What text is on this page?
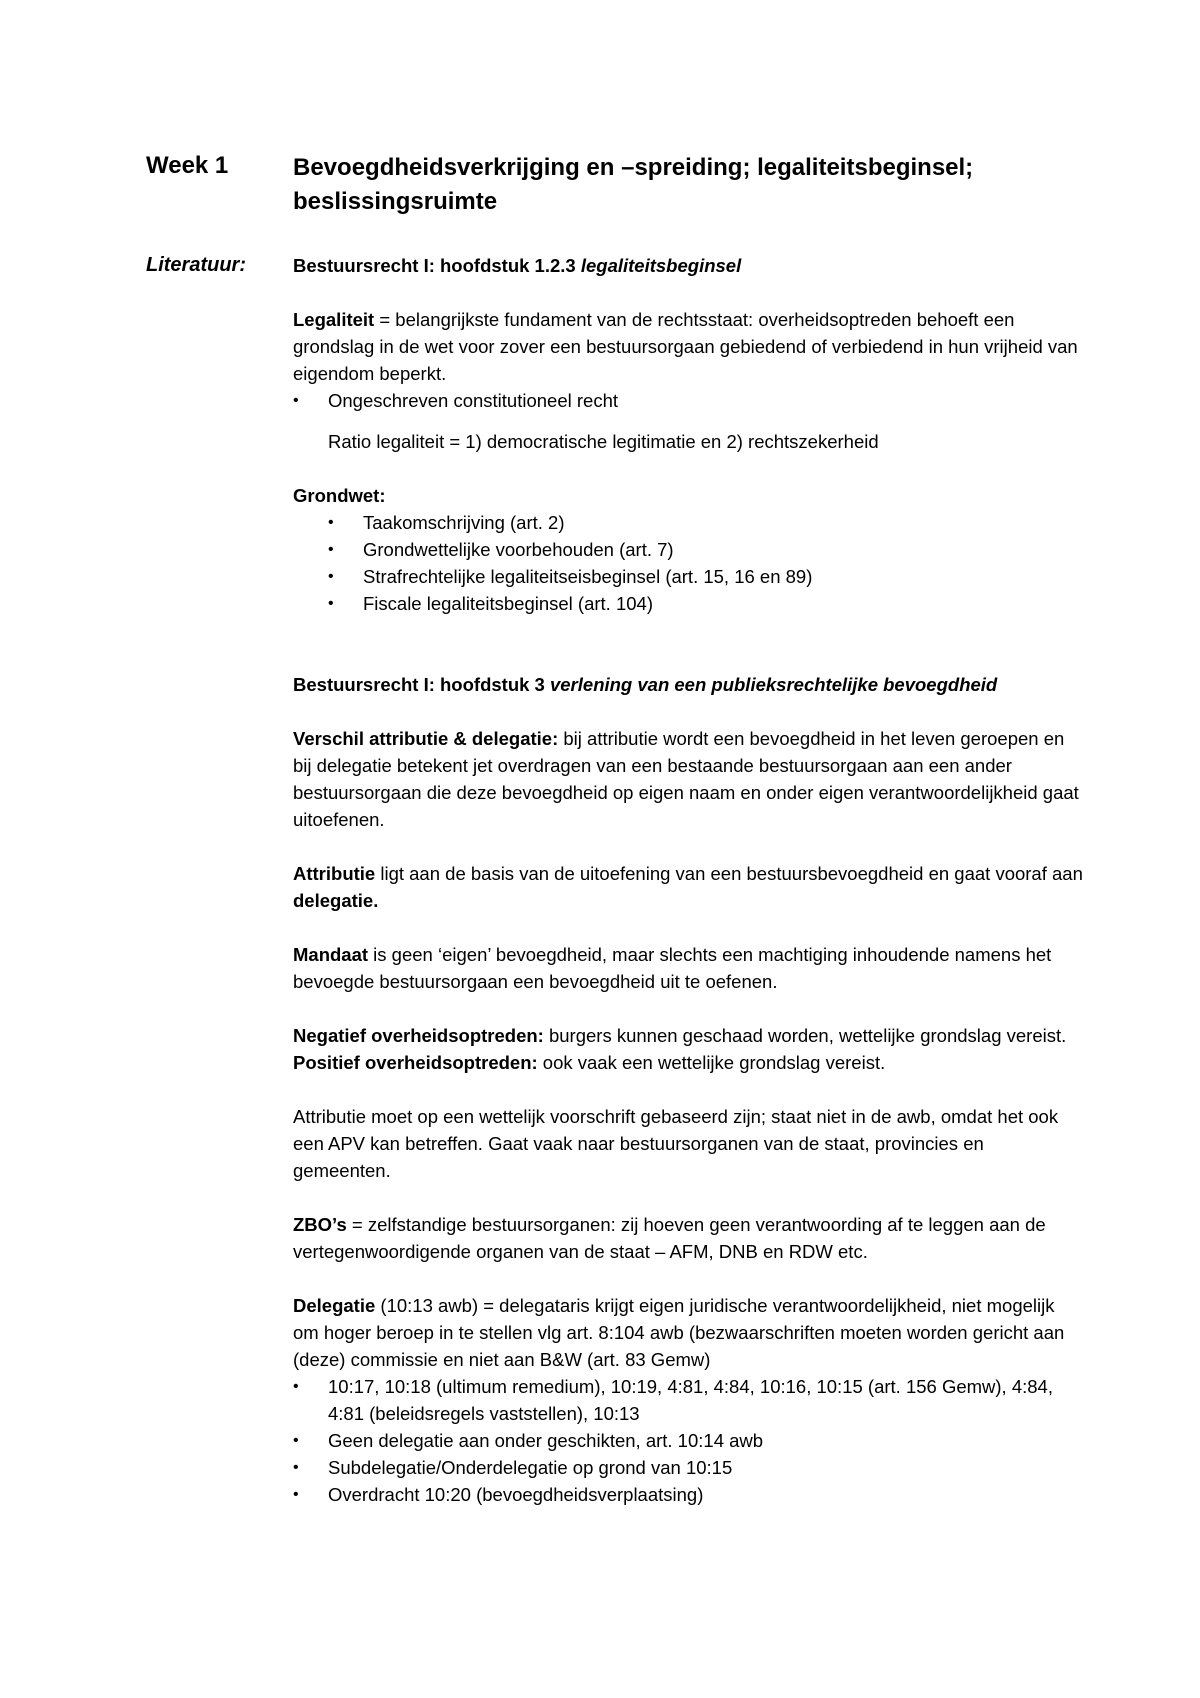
Week 1	Bevoegdheidsverkrijging en –spreiding; legaliteitsbeginsel; beslissingsruimte
Literatuur:	Bestuursrecht I: hoofdstuk 1.2.3 legaliteitsbeginsel

Legaliteit = belangrijkste fundament van de rechtsstaat: overheidsoptreden behoeft een grondslag in de wet voor zover een bestuursorgaan gebiedend of verbiedend in hun vrijheid van eigendom beperkt.

• Ongeschreven constitutioneel recht

Ratio legaliteit = 1) democratische legitimatie en 2) rechtszekerheid

Grondwet:

• Taakomschrijving (art. 2)
• Grondwettelijke voorbehouden (art. 7)
• Strafrechtelijke legaliteitseisbeginsel (art. 15, 16 en 89)
• Fiscale legaliteitsbeginsel (art. 104)

Bestuursrecht I: hoofdstuk 3 verlening van een publieksrechtelijke bevoegdheid

Verschil attributie & delegatie: bij attributie wordt een bevoegdheid in het leven geroepen en bij delegatie betekent jet overdragen van een bestaande bestuursorgaan aan een ander bestuursorgaan die deze bevoegdheid op eigen naam en onder eigen verantwoordelijkheid gaat uitoefenen.

Attributie ligt aan de basis van de uitoefening van een bestuursbevoegdheid en gaat vooraf aan delegatie.

Mandaat is geen ‘eigen’ bevoegdheid, maar slechts een machtiging inhoudende namens het bevoegde bestuursorgaan een bevoegdheid uit te oefenen.

Negatief overheidsoptreden: burgers kunnen geschaad worden, wettelijke grondslag vereist.

Positief overheidsoptreden: ook vaak een wettelijke grondslag vereist.

Attributie moet op een wettelijk voorschrift gebaseerd zijn; staat niet in de awb, omdat het ook een APV kan betreffen. Gaat vaak naar bestuursorganen van de staat, provincies en gemeenten.

ZBO’s = zelfstandige bestuursorganen: zij hoeven geen verantwoording af te leggen aan de vertegenwoordigende organen van de staat – AFM, DNB en RDW etc.

Delegatie (10:13 awb) = delegataris krijgt eigen juridische verantwoordelijkheid, niet mogelijk om hoger beroep in te stellen vlg art. 8:104 awb (bezwaarschriften moeten worden gericht aan (deze) commissie en niet aan B&W (art. 83 Gemw)

• 10:17, 10:18 (ultimum remedium), 10:19, 4:81, 4:84, 10:16, 10:15 (art. 156 Gemw), 4:84, 4:81 (beleidsregels vaststellen), 10:13
• Geen delegatie aan onder geschikten, art. 10:14 awb
• Subdelegatie/Onderdelegatie op grond van 10:15
• Overdracht 10:20 (bevoegdheidsverplaatsing)
